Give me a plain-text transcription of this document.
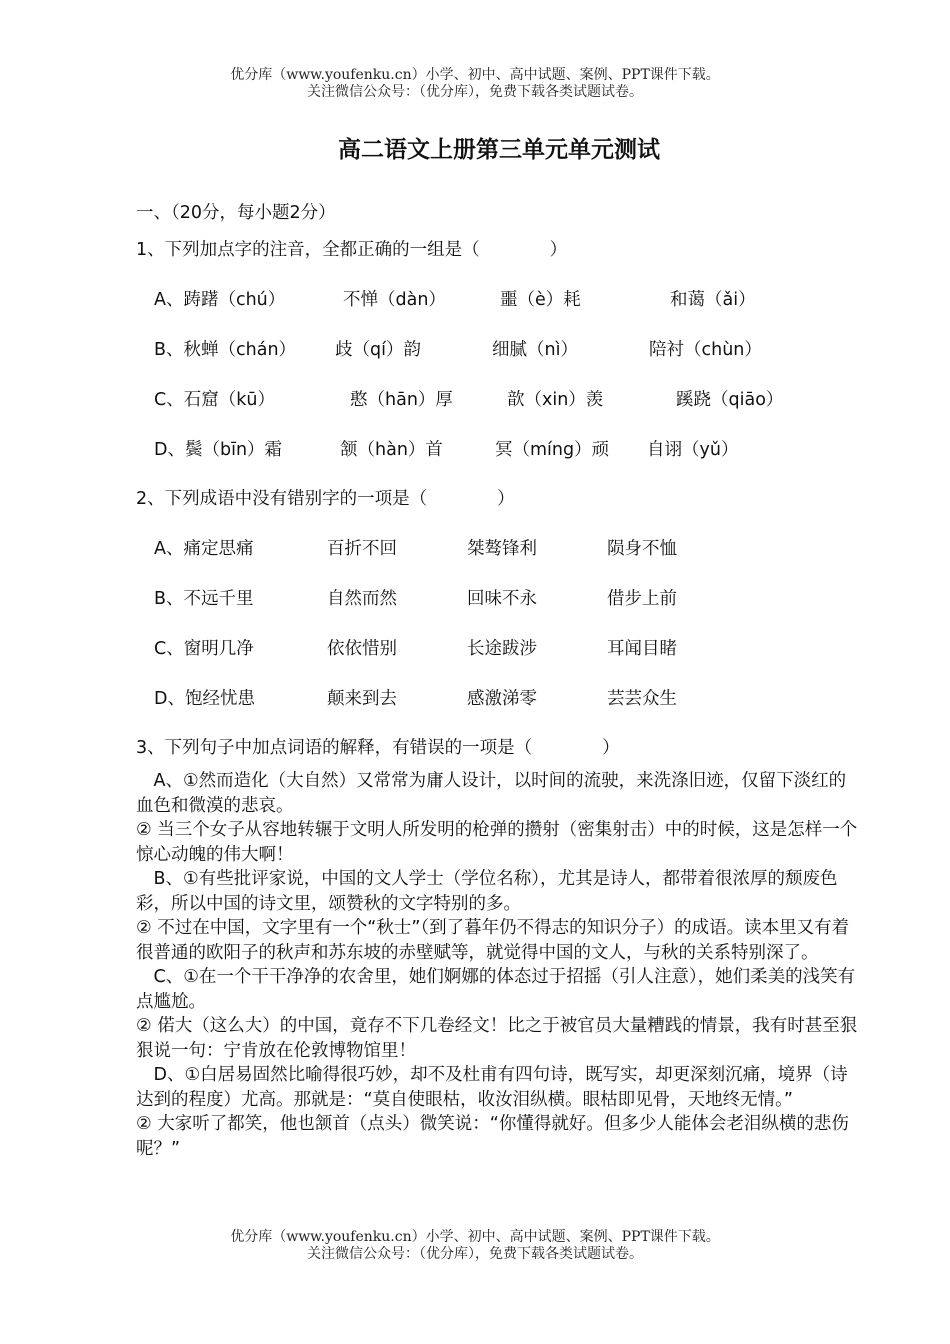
优分库（www.youfenku.cn）小学、初中、高中试题、案例、PPT课件下载。
关注微信公众号：（优分库），免费下载各类试题试卷。
高二语文上册第三单元单元测试
一、（20分，每小题2分）
1、下列加点字的注音，全都正确的一组是（　　　　）
A、踌躇（chú）	不惮（dàn）	噩（è）耗	和蔼（ǎi）
B、秋蝉（chán） 歧（qí）韵	细腻（nì）	陪衬（chùn）
C、石窟（kū）	憨（hān）厚	歆（xin）羡	蹊跷（qiāo）
D、鬓（bīn）霜	颔（hàn）首	冥（míng）顽 自诩（yǔ）
2、下列成语中没有错别字的一项是（　　　　）
A、痛定思痛	百折不回	桀骜锋利	陨身不恤
B、不远千里	自然而然	回味不永	借步上前
C、窗明几净	依依惜别	长途跋涉	耳闻目睹
D、饱经忧患	颠来到去	感激涕零	芸芸众生
3、下列句子中加点词语的解释，有错误的一项是（　　　　）

　A、①然而造化（大自然）又常常为庸人设计，以时间的流驶，来洗涤旧迹，仅留下淡红的血色和微漠的悲哀。

② 当三个女子从容地转辗于文明人所发明的枪弹的攒射（密集射击）中的时候，这是怎样一个惊心动魄的伟大啊！

　B、①有些批评家说，中国的文人学士（学位名称），尤其是诗人，都带着很浓厚的颓废色彩，所以中国的诗文里，颂赞秋的文字特别的多。

② 不过在中国，文字里有一个“秋士”（到了暮年仍不得志的知识分子）的成语。读本里又有着很普通的欧阳子的秋声和苏东坡的赤壁赋等，就觉得中国的文人，与秋的关系特别深了。

　C、①在一个干干净净的农舍里，她们婀娜的体态过于招摇（引人注意），她们柔美的浅笑有点尴尬。

② 偌大（这么大）的中国，竟存不下几卷经文！比之于被官员大量糟践的情景，我有时甚至狠狠说一句：宁肯放在伦敦博物馆里！

　D、①白居易固然比喻得很巧妙，却不及杜甫有四句诗，既写实，却更深刻沉痛，境界（诗达到的程度）尤高。那就是：“莫自使眼枯，收汝泪纵横。眼枯即见骨，天地终无情。”

② 大家听了都笑，他也颔首（点头）微笑说：“你懂得就好。但多少人能体会老泪纵横的悲伤呢？”

优分库（www.youfenku.cn）小学、初中、高中试题、案例、PPT课件下载。
关注微信公众号：（优分库），免费下载各类试题试卷。
